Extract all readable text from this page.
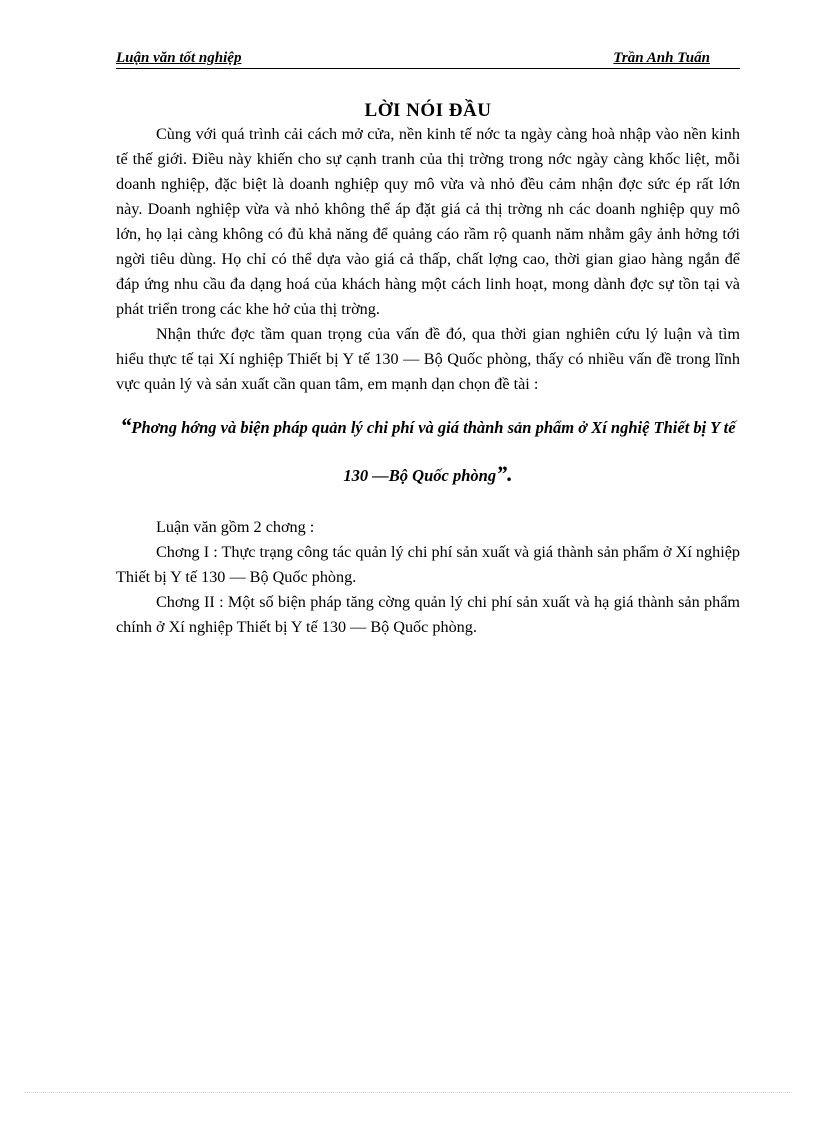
Luận văn tốt nghiệp	Trần Anh Tuấn
LỜI NÓI ĐẦU

Cùng với quá trình cải cách mở cửa, nền kinh tế nớc ta ngày càng hoà nhập vào nền kinh tế thế giới. Điều này khiến cho sự cạnh tranh của thị trờng trong nớc ngày càng khốc liệt, mỗi doanh nghiệp, đặc biệt là doanh nghiệp quy mô vừa và nhỏ đều cảm nhận đợc sức ép rất lớn này. Doanh nghiệp vừa và nhỏ không thể áp đặt giá cả thị trờng nh các doanh nghiệp quy mô lớn, họ lại càng không có đủ khả năng để quảng cáo rầm rộ quanh năm nhằm gây ảnh hởng tới ngời tiêu dùng. Họ chỉ có thể dựa vào giá cả thấp, chất lợng cao, thời gian giao hàng ngắn để đáp ứng nhu cầu đa dạng hoá của khách hàng một cách linh hoạt, mong dành đợc sự tồn tại và phát triển trong các khe hở của thị trờng.

Nhận thức đợc tầm quan trọng của vấn đề đó, qua thời gian nghiên cứu lý luận và tìm hiểu thực tế tại Xí nghiệp Thiết bị Y tế 130 — Bộ Quốc phòng, thấy có nhiều vấn đề trong lĩnh vực quản lý và sản xuất cần quan tâm, em mạnh dạn chọn đề tài :

“Phơng hớng và biện pháp quản lý chi phí và giá thành sản phẩm ở Xí nghiệ Thiết bị Y tế 130 —Bộ Quốc phòng”.

Luận văn gồm 2 chơng :

Chơng I : Thực trạng công tác quản lý chi phí sản xuất và giá thành sản phẩm ở Xí nghiệp Thiết bị Y tế 130 — Bộ Quốc phòng.

Chơng II : Một số biện pháp tăng cờng quản lý chi phí sản xuất và hạ giá thành sản phẩm chính ở Xí nghiệp Thiết bị Y tế 130 — Bộ Quốc phòng.
